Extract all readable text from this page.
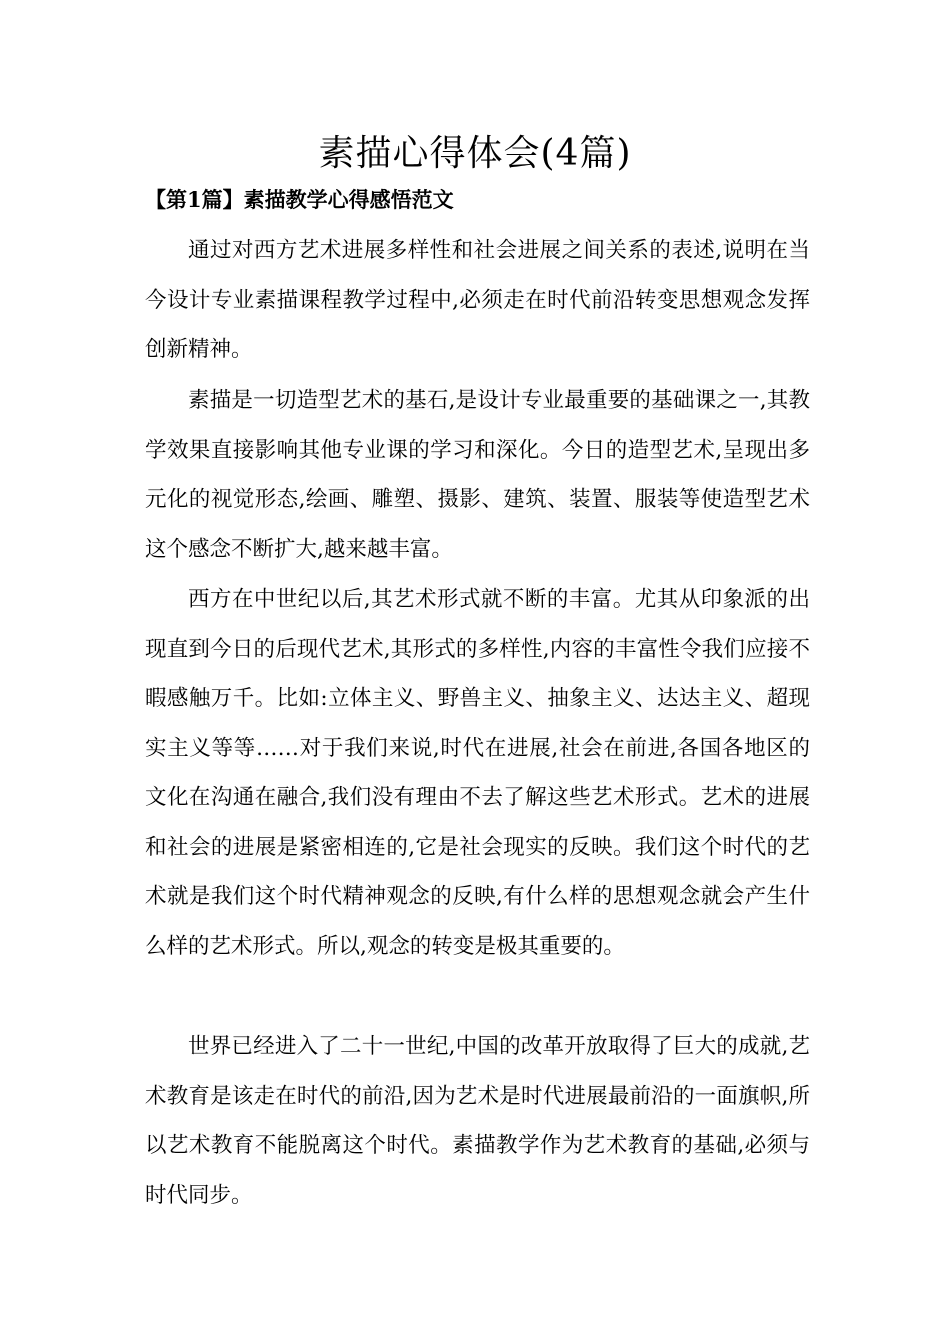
素描心得体会(4篇)
【第1篇】素描教学心得感悟范文

通过对西方艺术进展多样性和社会进展之间关系的表述,说明在当今设计专业素描课程教学过程中,必须走在时代前沿转变思想观念发挥创新精神。

素描是一切造型艺术的基石,是设计专业最重要的基础课之一,其教学效果直接影响其他专业课的学习和深化。今日的造型艺术,呈现出多元化的视觉形态,绘画、雕塑、摄影、建筑、装置、服装等使造型艺术这个感念不断扩大,越来越丰富。

西方在中世纪以后,其艺术形式就不断的丰富。尤其从印象派的出现直到今日的后现代艺术,其形式的多样性,内容的丰富性令我们应接不暇感触万千。比如:立体主义、野兽主义、抽象主义、达达主义、超现实主义等等……对于我们来说,时代在进展,社会在前进,各国各地区的文化在沟通在融合,我们没有理由不去了解这些艺术形式。艺术的进展和社会的进展是紧密相连的,它是社会现实的反映。我们这个时代的艺术就是我们这个时代精神观念的反映,有什么样的思想观念就会产生什么样的艺术形式。所以,观念的转变是极其重要的。

世界已经进入了二十一世纪,中国的改革开放取得了巨大的成就,艺术教育是该走在时代的前沿,因为艺术是时代进展最前沿的一面旗帜,所以艺术教育不能脱离这个时代。素描教学作为艺术教育的基础,必须与时代同步。
